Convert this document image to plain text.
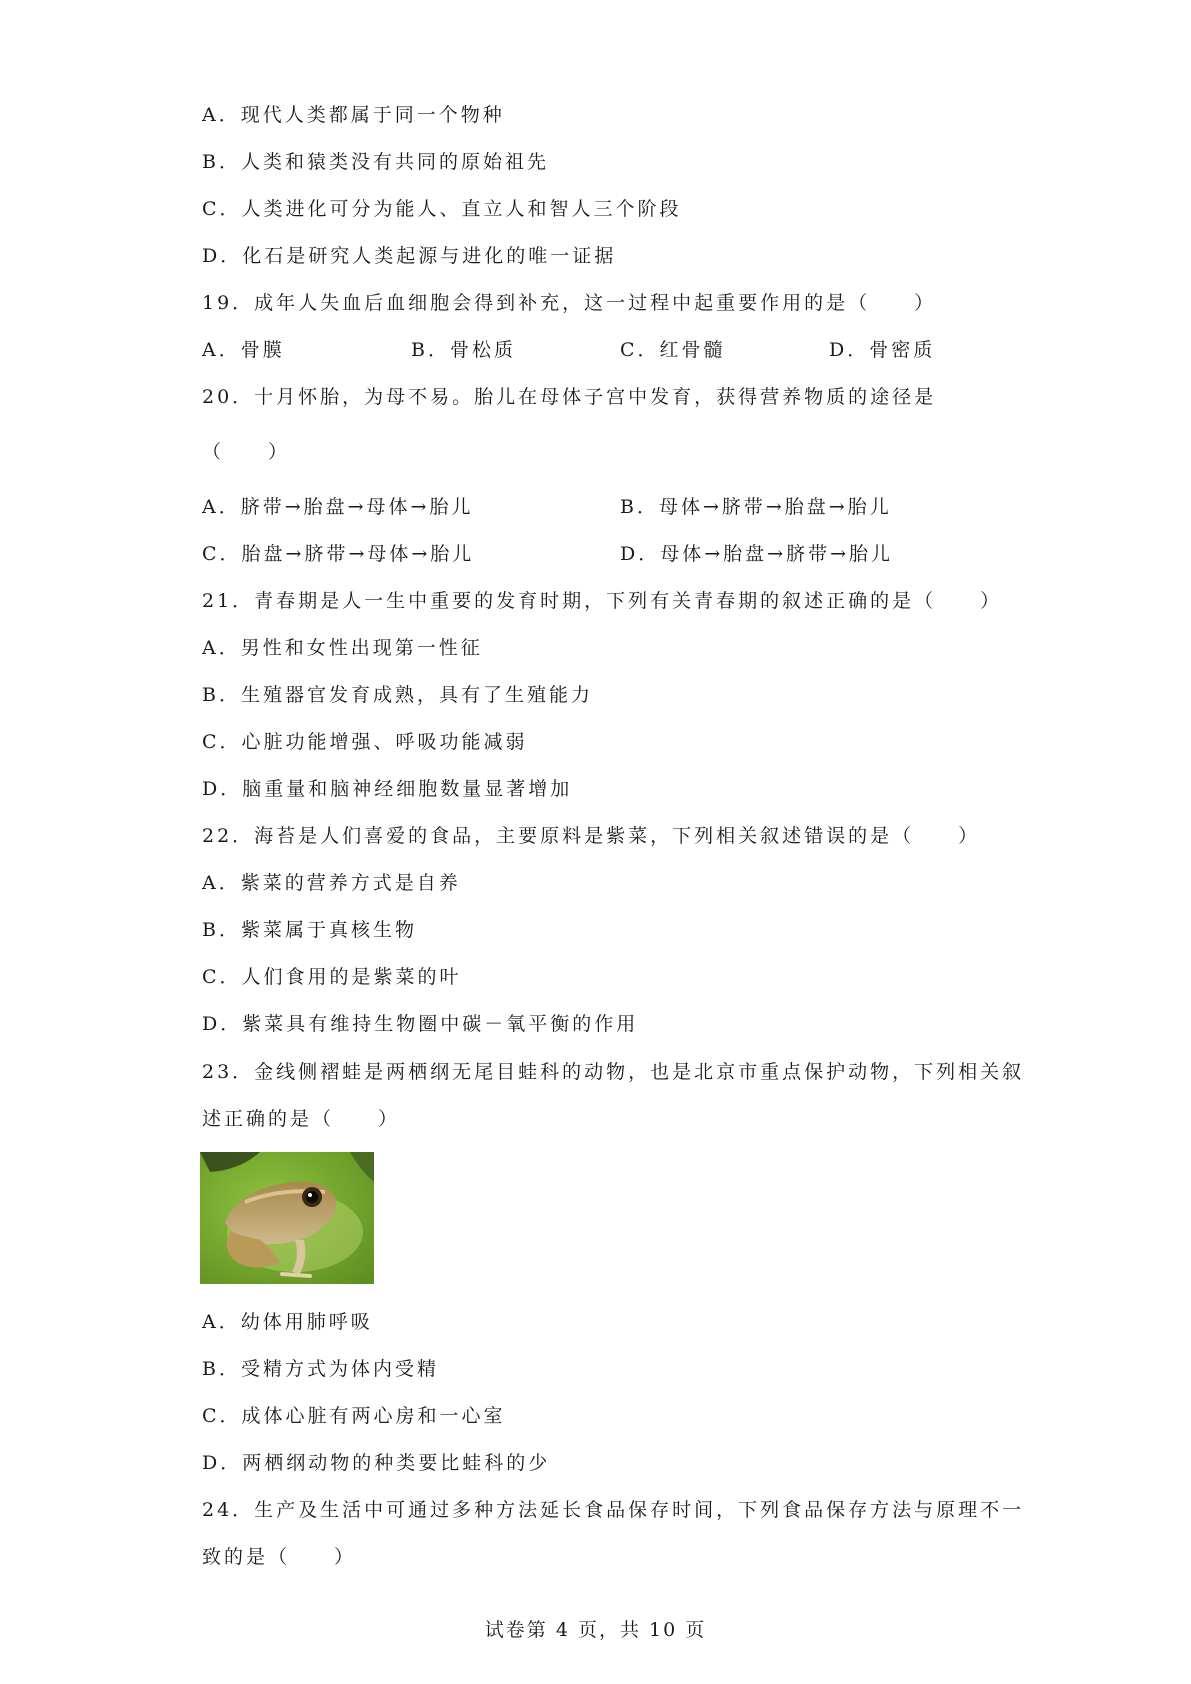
A．现代人类都属于同一个物种
B．人类和猿类没有共同的原始祖先
C．人类进化可分为能人、直立人和智人三个阶段
D．化石是研究人类起源与进化的唯一证据
19．成年人失血后血细胞会得到补充，这一过程中起重要作用的是（　　）
A．骨膜	B．骨松质	C．红骨髓	D．骨密质
20．十月怀胎，为母不易。胎儿在母体子宫中发育，获得营养物质的途径是
（　　）
A．脐带→胎盘→母体→胎儿	B．母体→脐带→胎盘→胎儿
C．胎盘→脐带→母体→胎儿	D．母体→胎盘→脐带→胎儿
21．青春期是人一生中重要的发育时期，下列有关青春期的叙述正确的是（　　）
A．男性和女性出现第一性征
B．生殖器官发育成熟，具有了生殖能力
C．心脏功能增强、呼吸功能减弱
D．脑重量和脑神经细胞数量显著增加
22．海苔是人们喜爱的食品，主要原料是紫菜，下列相关叙述错误的是（　　）
A．紫菜的营养方式是自养
B．紫菜属于真核生物
C．人们食用的是紫菜的叶
D．紫菜具有维持生物圈中碳－氧平衡的作用
23．金线侧褶蛙是两栖纲无尾目蛙科的动物，也是北京市重点保护动物，下列相关叙
述正确的是（　　）
A．幼体用肺呼吸
B．受精方式为体内受精
C．成体心脏有两心房和一心室
D．两栖纲动物的种类要比蛙科的少
24．生产及生活中可通过多种方法延长食品保存时间，下列食品保存方法与原理不一
致的是（　　）
试卷第 4 页，共 10 页
